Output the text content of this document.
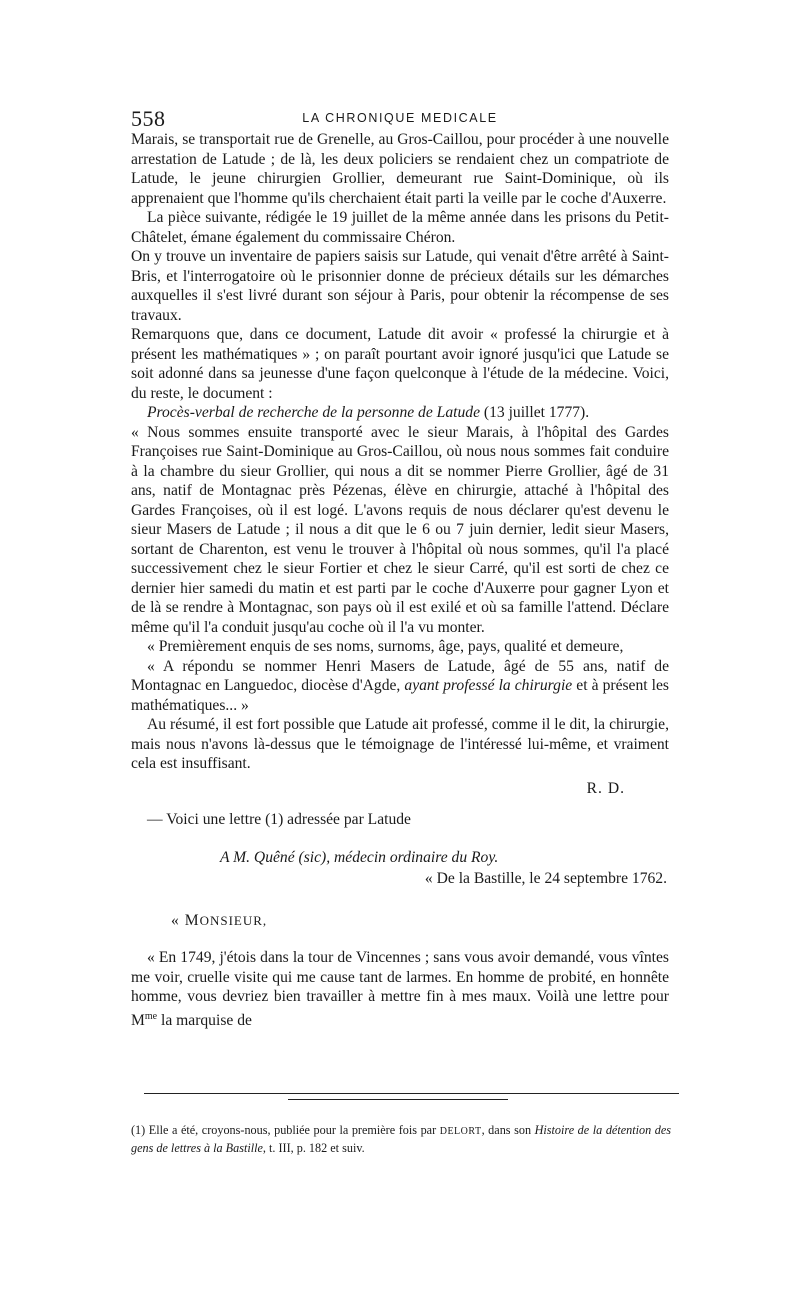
558	LA CHRONIQUE MEDICALE

Marais, se transportait rue de Grenelle, au Gros-Caillou, pour procéder à une nouvelle arrestation de Latude ; de là, les deux policiers se rendaient chez un compatriote de Latude, le jeune chirurgien Grollier, demeurant rue Saint-Dominique, où ils apprenaient que l'homme qu'ils cherchaient était parti la veille par le coche d'Auxerre.

La pièce suivante, rédigée le 19 juillet de la même année dans les prisons du Petit-Châtelet, émane également du commissaire Chéron.

On y trouve un inventaire de papiers saisis sur Latude, qui venait d'être arrêté à Saint-Bris, et l'interrogatoire où le prisonnier donne de précieux détails sur les démarches auxquelles il s'est livré durant son séjour à Paris, pour obtenir la récompense de ses travaux.

Remarquons que, dans ce document, Latude dit avoir « professé la chirurgie et à présent les mathématiques » ; on paraît pourtant avoir ignoré jusqu'ici que Latude se soit adonné dans sa jeunesse d'une façon quelconque à l'étude de la médecine. Voici, du reste, le document :

Procès-verbal de recherche de la personne de Latude (13 juillet 1777).

« Nous sommes ensuite transporté avec le sieur Marais, à l'hôpital des Gardes Françoises rue Saint-Dominique au Gros-Caillou, où nous nous sommes fait conduire à la chambre du sieur Grollier, qui nous a dit se nommer Pierre Grollier, âgé de 31 ans, natif de Montagnac près Pézenas, élève en chirurgie, attaché à l'hôpital des Gardes Françoises, où il est logé. L'avons requis de nous déclarer qu'est devenu le sieur Masers de Latude ; il nous a dit que le 6 ou 7 juin dernier, ledit sieur Masers, sortant de Charenton, est venu le trouver à l'hôpital où nous sommes, qu'il l'a placé successivement chez le sieur Fortier et chez le sieur Carré, qu'il est sorti de chez ce dernier hier samedi du matin et est parti par le coche d'Auxerre pour gagner Lyon et de là se rendre à Montagnac, son pays où il est exilé et où sa famille l'attend. Déclare même qu'il l'a conduit jusqu'au coche où il l'a vu monter.

« Premièrement enquis de ses noms, surnoms, âge, pays, qualité et demeure,

« A répondu se nommer Henri Masers de Latude, âgé de 55 ans, natif de Montagnac en Languedoc, diocèse d'Agde, ayant professé la chirurgie et à présent les mathématiques... »

Au résumé, il est fort possible que Latude ait professé, comme il le dit, la chirurgie, mais nous n'avons là-dessus que le témoignage de l'intéressé lui-même, et vraiment cela est insuffisant.

R. D.

— Voici une lettre (1) adressée par Latude

A M. Quêné (sic), médecin ordinaire du Roy.
« De la Bastille, le 24 septembre 1762.
« MONSIEUR,

« En 1749, j'étois dans la tour de Vincennes ; sans vous avoir demandé, vous vîntes me voir, cruelle visite qui me cause tant de larmes. En homme de probité, en honnête homme, vous devriez bien travailler à mettre fin à mes maux. Voilà une lettre pour $M^{me}$ la marquise de

(1) Elle a été, croyons-nous, publiée pour la première fois par DELORT, dans son Histoire de la détention des gens de lettres à la Bastille, t. III, p. 182 et suiv.
